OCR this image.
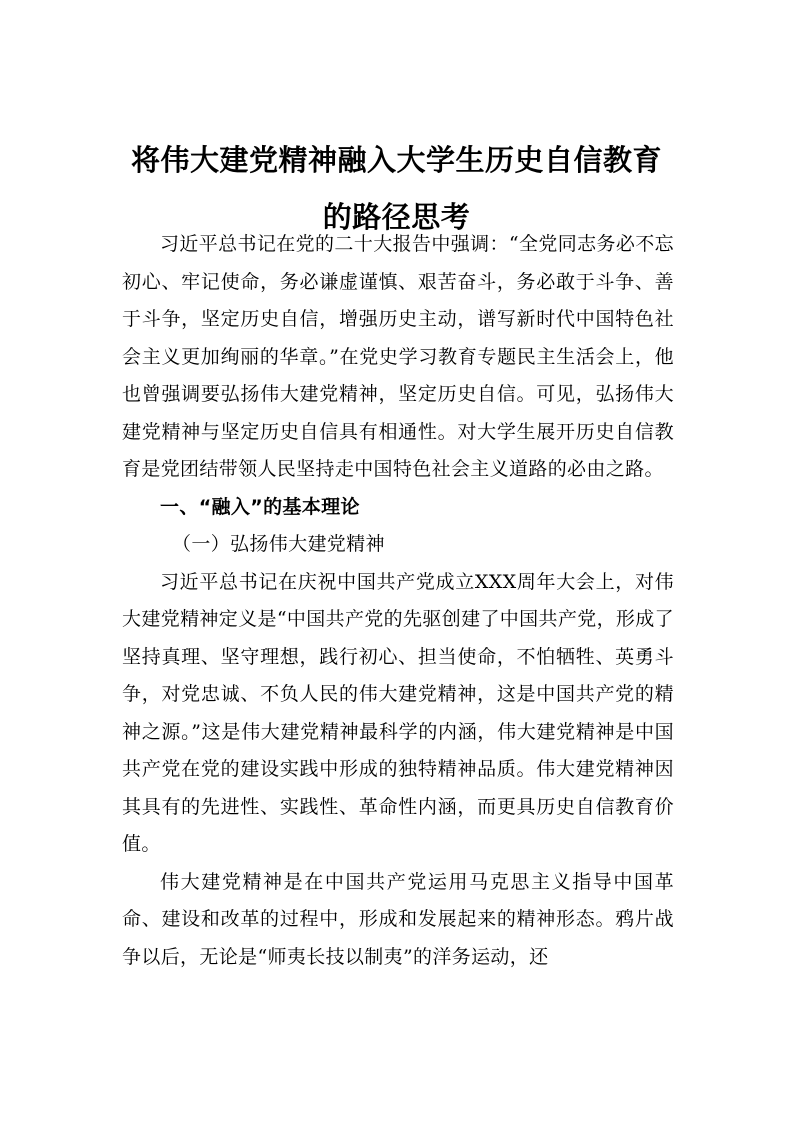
将伟大建党精神融入大学生历史自信教育
的路径思考

习近平总书记在党的二十大报告中强调：“全党同志务必不忘初心、牢记使命，务必谦虚谨慎、艰苦奋斗，务必敢于斗争、善于斗争，坚定历史自信，增强历史主动，谱写新时代中国特色社会主义更加绚丽的华章。”在党史学习教育专题民主生活会上，他也曾强调要弘扬伟大建党精神，坚定历史自信。可见，弘扬伟大建党精神与坚定历史自信具有相通性。对大学生展开历史自信教育是党团结带领人民坚持走中国特色社会主义道路的必由之路。

一、“融入”的基本理论

（一）弘扬伟大建党精神

习近平总书记在庆祝中国共产党成立XXX周年大会上，对伟大建党精神定义是“中国共产党的先驱创建了中国共产党，形成了坚持真理、坚守理想，践行初心、担当使命，不怕牺牲、英勇斗争，对党忠诚、不负人民的伟大建党精神，这是中国共产党的精神之源。”这是伟大建党精神最科学的内涵，伟大建党精神是中国共产党在党的建设实践中形成的独特精神品质。伟大建党精神因其具有的先进性、实践性、革命性内涵，而更具历史自信教育价值。

伟大建党精神是在中国共产党运用马克思主义指导中国革命、建设和改革的过程中，形成和发展起来的精神形态。鸦片战争以后，无论是“师夷长技以制夷”的洋务运动，还
